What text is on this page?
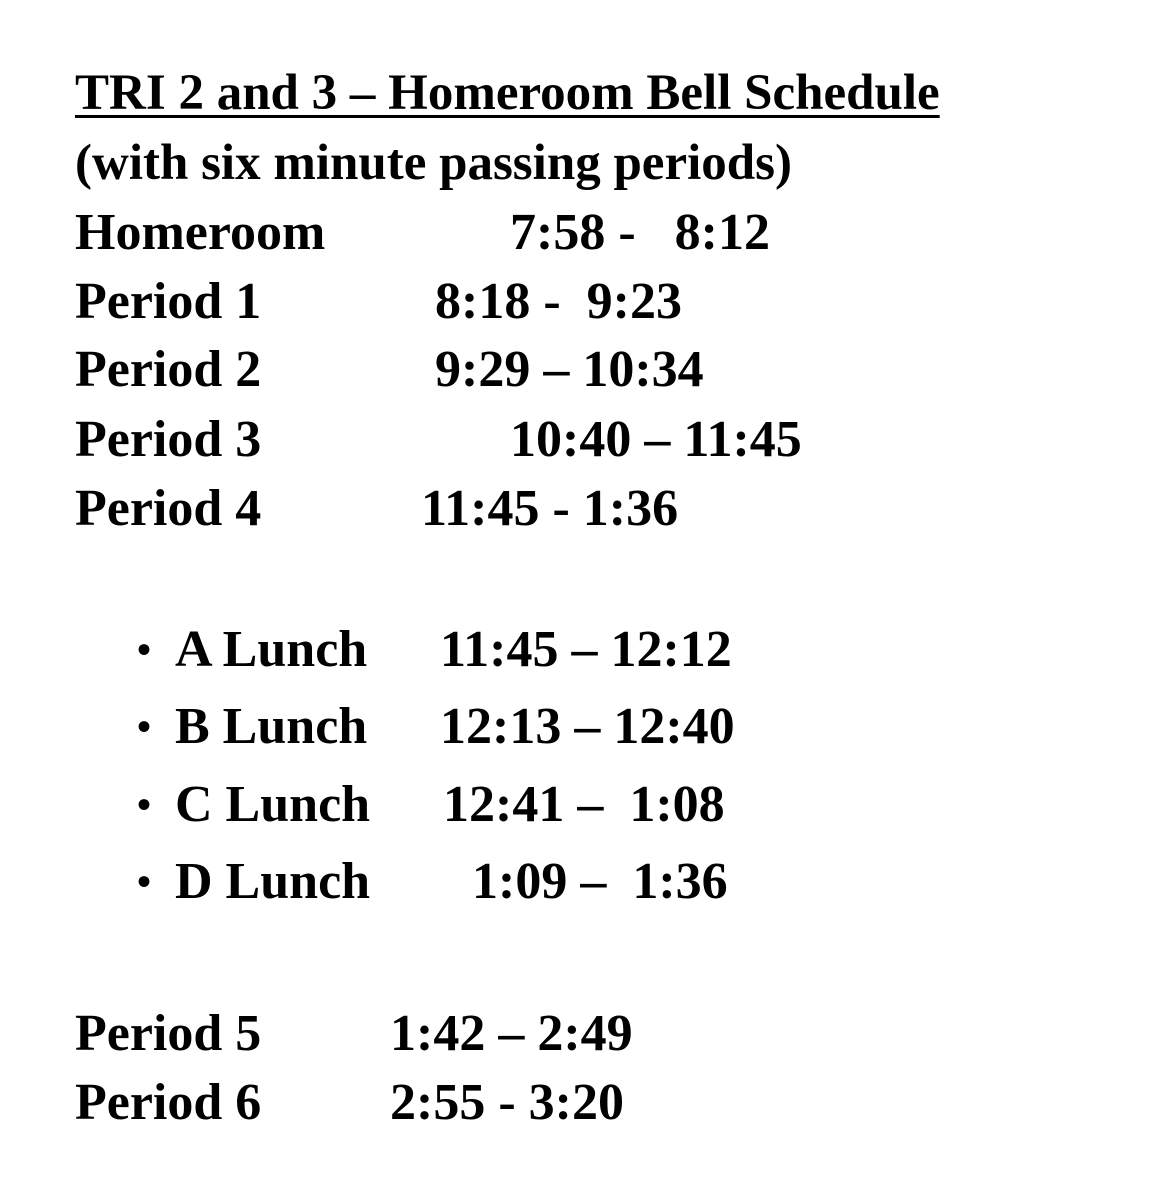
TRI 2 and 3 – Homeroom Bell Schedule
(with six minute passing periods)
Homeroom	7:58 -   8:12
Period 1	8:18 -  9:23
Period 2	9:29 – 10:34
Period 3	10:40 – 11:45
Period 4	11:45 - 1:36
• A Lunch 11:45 – 12:12
• B Lunch 12:13 – 12:40
• C Lunch 12:41 –  1:08
• D Lunch 1:09 –  1:36
Period 5 1:42 – 2:49
Period 6 2:55 - 3:20
